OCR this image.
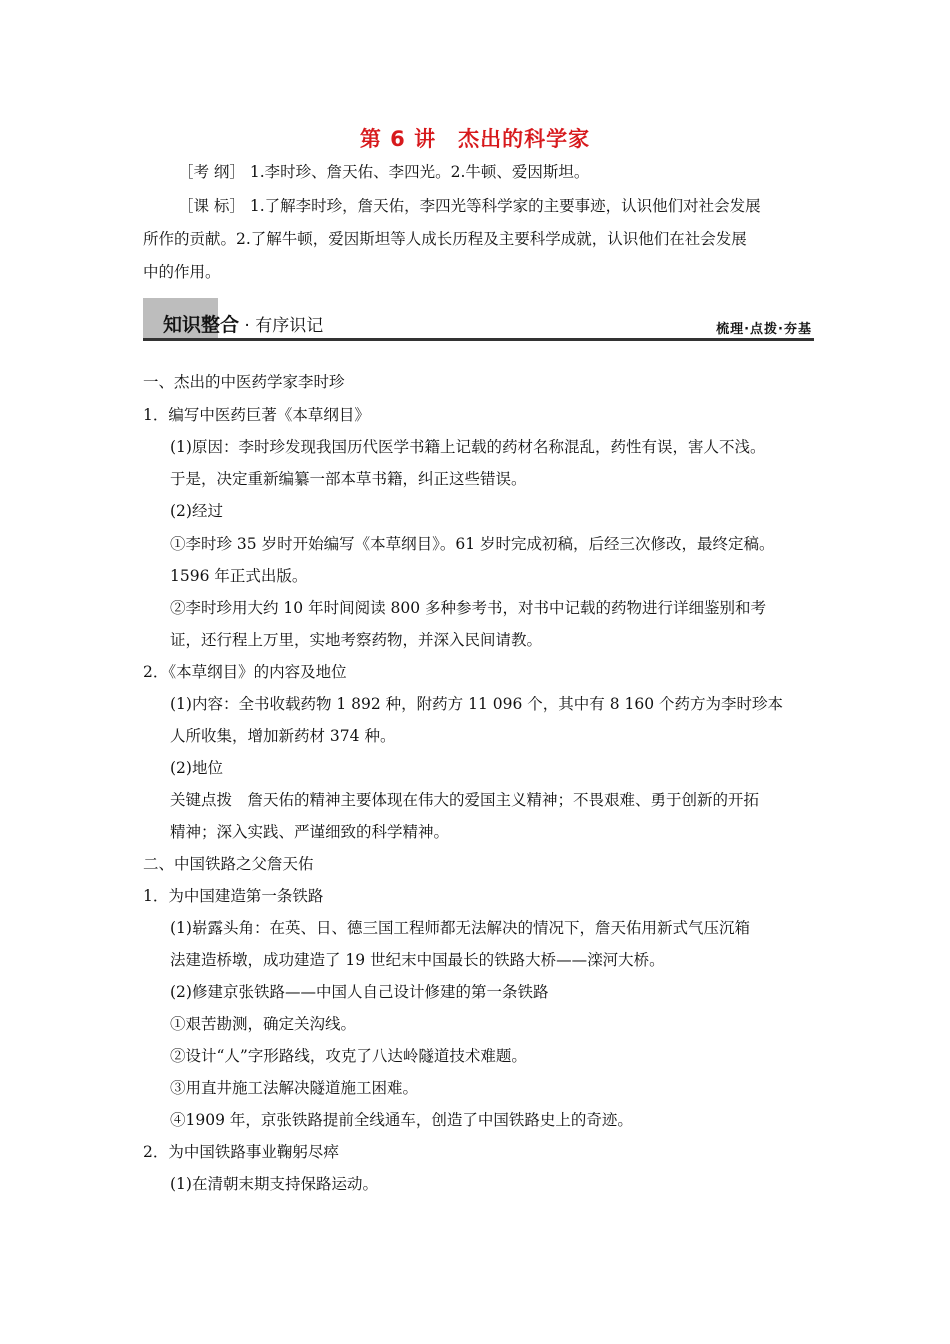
第 6 讲　杰出的科学家
［考 纲］ 1.李时珍、詹天佑、李四光。2.牛顿、爱因斯坦。
［课 标］ 1.了解李时珍，詹天佑，李四光等科学家的主要事迹，认识他们对社会发展
所作的贡献。2.了解牛顿，爱因斯坦等人成长历程及主要科学成就，认识他们在社会发展
中的作用。
知识整合 · 有序识记	梳理·点拨·夯基
一、杰出的中医药学家李时珍
1．编写中医药巨著《本草纲目》
(1)原因：李时珍发现我国历代医学书籍上记载的药材名称混乱，药性有误，害人不浅。
于是，决定重新编纂一部本草书籍，纠正这些错误。
(2)经过
①李时珍 35 岁时开始编写《本草纲目》。61 岁时完成初稿，后经三次修改，最终定稿。
1596 年正式出版。
②李时珍用大约 10 年时间阅读 800 多种参考书，对书中记载的药物进行详细鉴别和考
证，还行程上万里，实地考察药物，并深入民间请教。
2．《本草纲目》的内容及地位
(1)内容：全书收载药物 1 892 种，附药方 11 096 个，其中有 8 160 个药方为李时珍本
人所收集，增加新药材 374 种。
(2)地位
关键点拨　詹天佑的精神主要体现在伟大的爱国主义精神；不畏艰难、勇于创新的开拓
精神；深入实践、严谨细致的科学精神。
二、中国铁路之父詹天佑
1．为中国建造第一条铁路
(1)崭露头角：在英、日、德三国工程师都无法解决的情况下，詹天佑用新式气压沉箱
法建造桥墩，成功建造了 19 世纪末中国最长的铁路大桥——滦河大桥。
(2)修建京张铁路——中国人自己设计修建的第一条铁路
①艰苦勘测，确定关沟线。
②设计“人”字形路线，攻克了八达岭隧道技术难题。
③用直井施工法解决隧道施工困难。
④1909 年，京张铁路提前全线通车，创造了中国铁路史上的奇迹。
2．为中国铁路事业鞠躬尽瘁
(1)在清朝末期支持保路运动。
